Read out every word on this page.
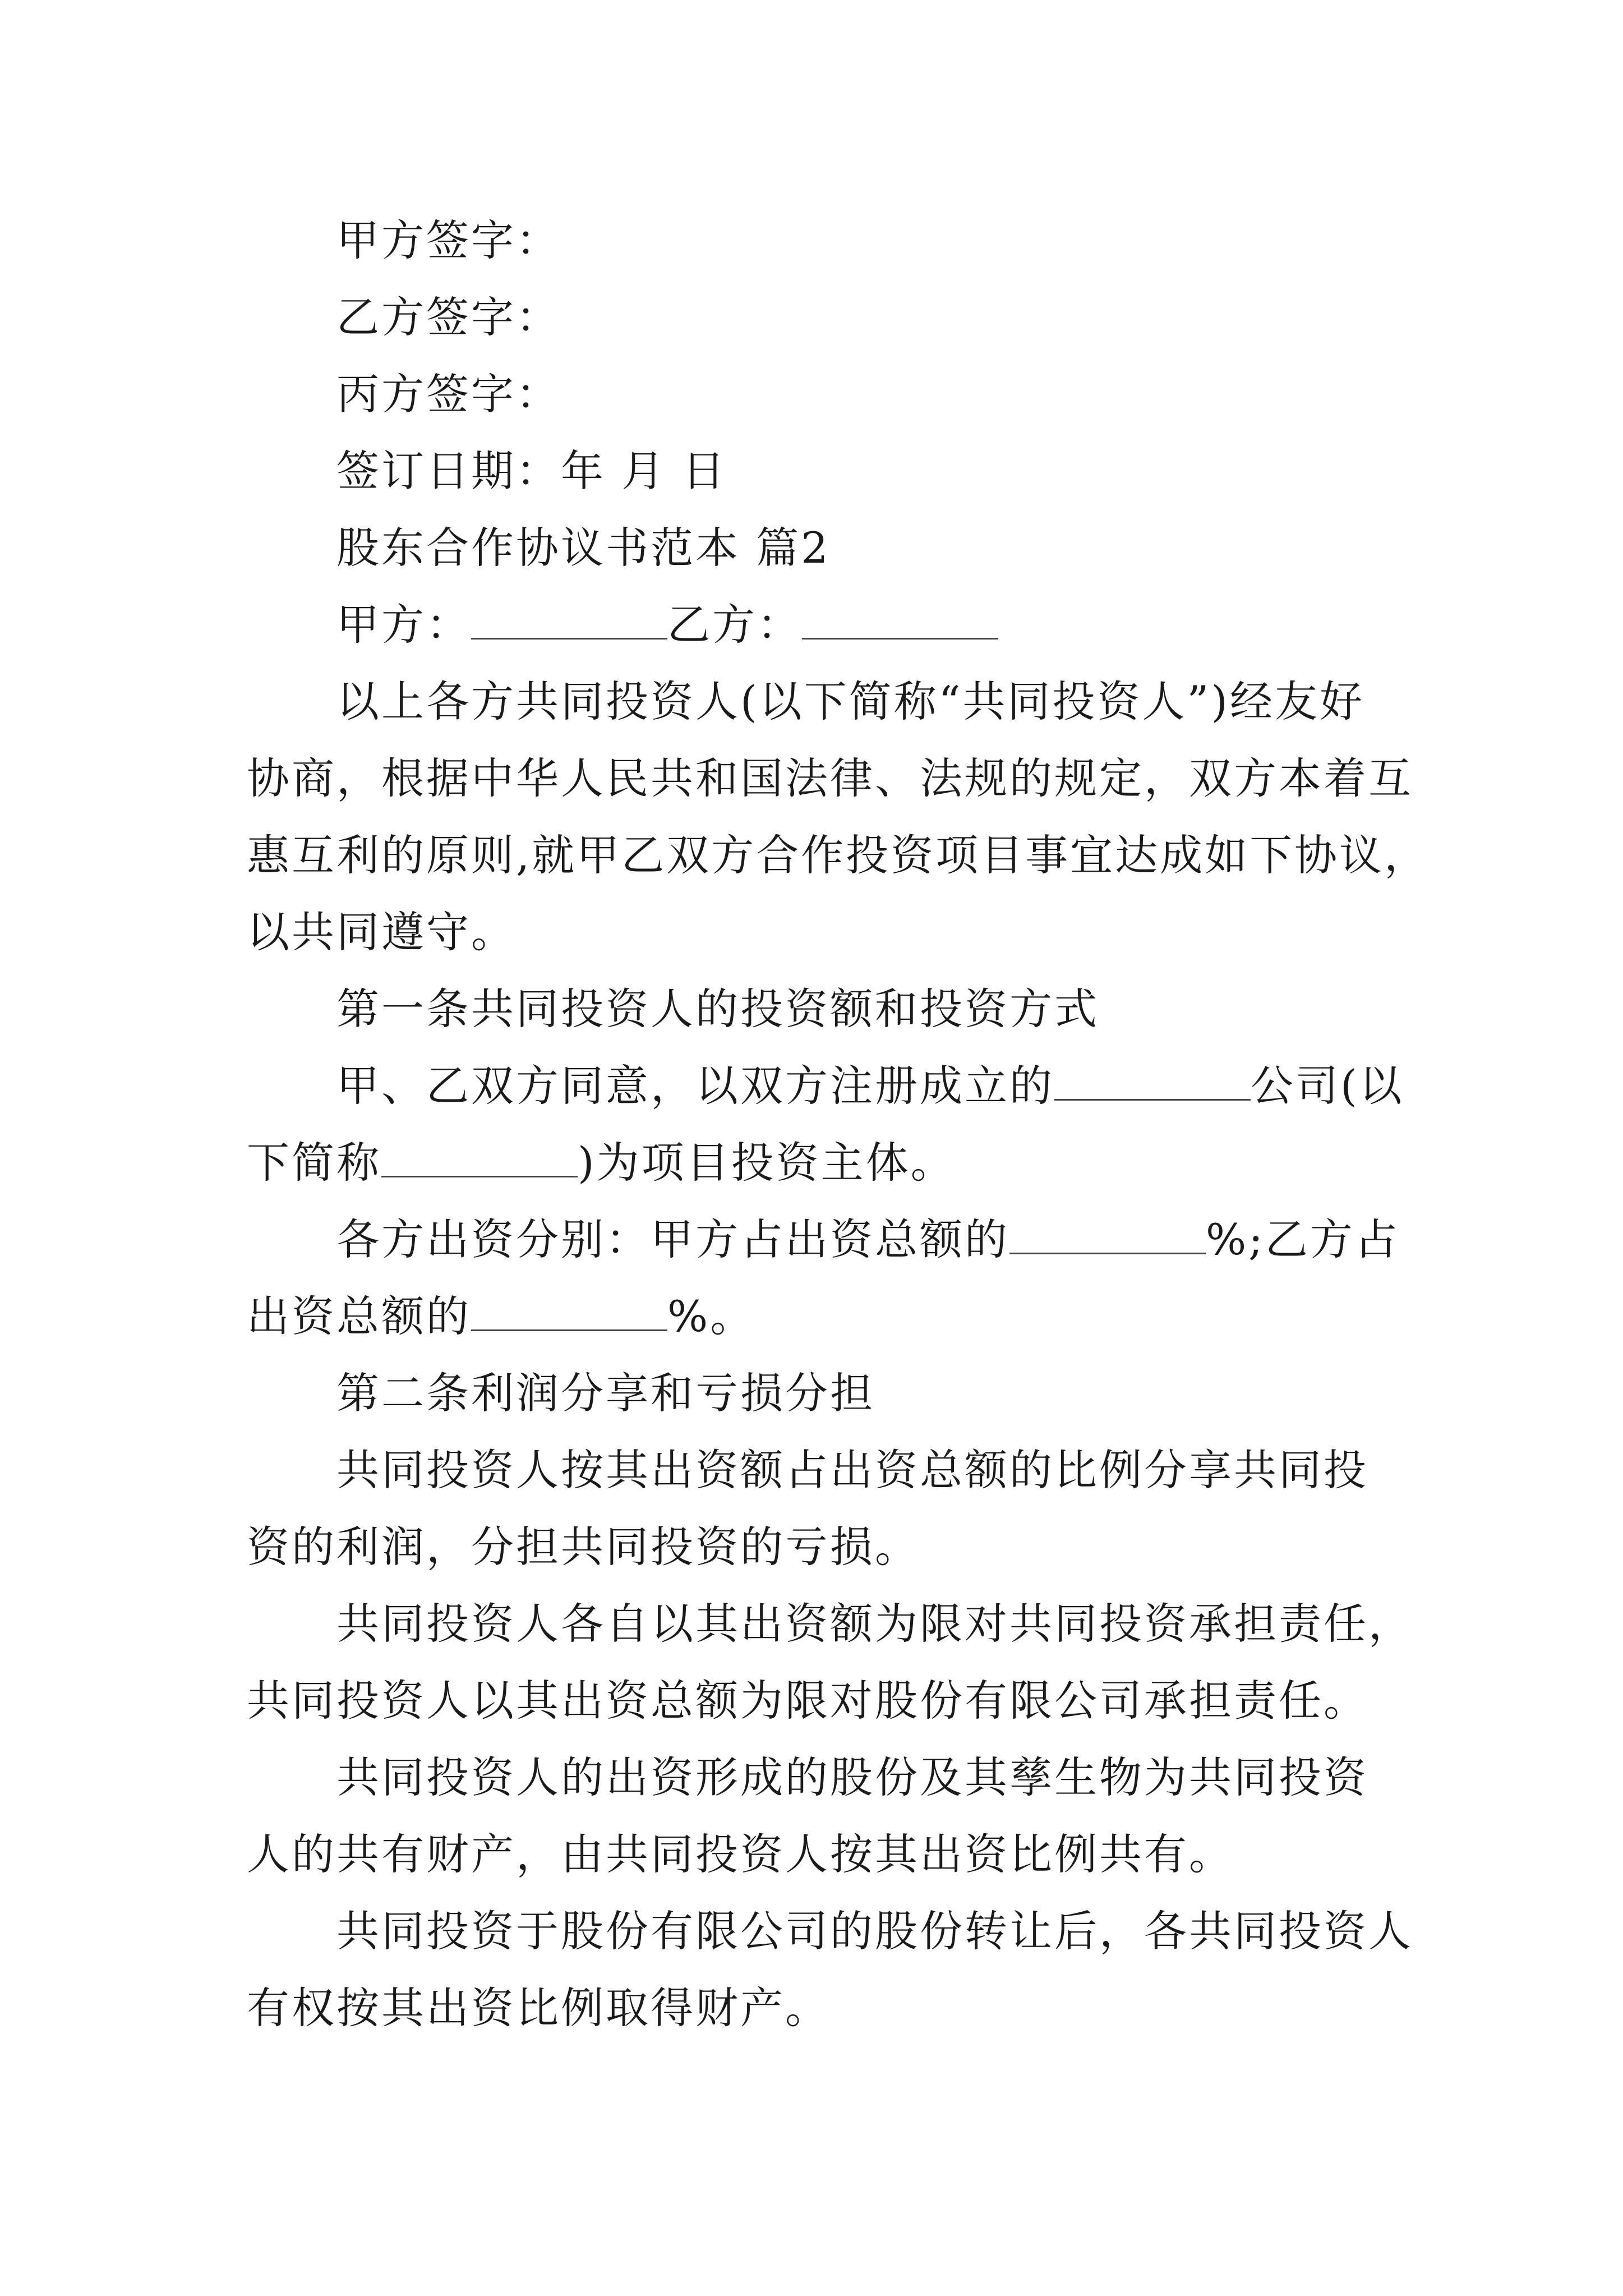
甲方签字：
乙方签字：
丙方签字：
签订日期：年 月 日
股东合作协议书范本 篇2
甲方：	乙方：
以上各方共同投资人(以下简称“共同投资人”)经友好
协商，根据中华人民共和国法律、法规的规定，双方本着互
惠互利的原则,就甲乙双方合作投资项目事宜达成如下协议，
以共同遵守。
第一条共同投资人的投资额和投资方式
甲、乙双方同意，以双方注册成立的	公司(以
下简称	)为项目投资主体。
各方出资分别：甲方占出资总额的	%;乙方占
出资总额的	%。
第二条利润分享和亏损分担
共同投资人按其出资额占出资总额的比例分享共同投
资的利润，分担共同投资的亏损。
共同投资人各自以其出资额为限对共同投资承担责任，
共同投资人以其出资总额为限对股份有限公司承担责任。
共同投资人的出资形成的股份及其孳生物为共同投资
人的共有财产，由共同投资人按其出资比例共有。
共同投资于股份有限公司的股份转让后，各共同投资人
有权按其出资比例取得财产。
